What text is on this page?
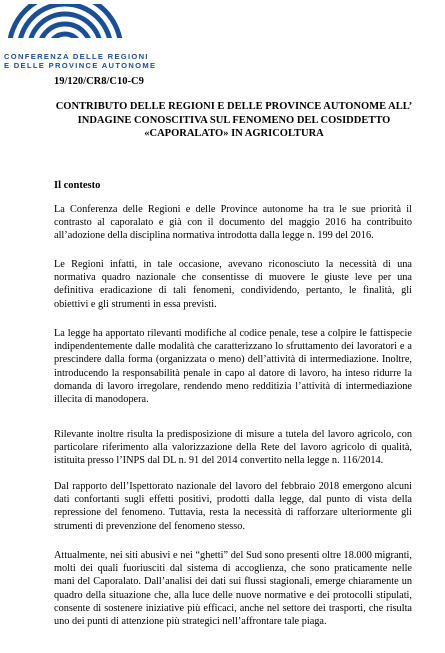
CONFERENZA DELLE REGIONI
E DELLE PROVINCE AUTONOME
19/120/CR8/C10-C9
CONTRIBUTO DELLE REGIONI E DELLE PROVINCE AUTONOME ALL’ INDAGINE CONOSCITIVA SUL FENOMENO DEL COSIDDETTO «CAPORALATO» IN AGRICOLTURA
Il contesto

La Conferenza delle Regioni e delle Province autonome ha tra le sue priorità il contrasto al caporalato e già con il documento del maggio 2016 ha contribuito all’adozione della disciplina normativa introdotta dalla legge n. 199 del 2016.

Le Regioni infatti, in tale occasione, avevano riconosciuto la necessità di una normativa quadro nazionale che consentisse di muovere le giuste leve per una definitiva eradicazione di tali fenomeni, condividendo, pertanto, le finalità, gli obiettivi e gli strumenti in essa previsti.

La legge ha apportato rilevanti modifiche al codice penale, tese a colpire le fattispecie indipendentemente dalle modalità che caratterizzano lo sfruttamento dei lavoratori e a prescindere dalla forma (organizzata o meno) dell’attività di intermediazione. Inoltre, introducendo la responsabilità penale in capo al datore di lavoro, ha inteso ridurre la domanda di lavoro irregolare, rendendo meno redditizia l’attività di intermediazione illecita di manodopera.

Rilevante inoltre risulta la predisposizione di misure a tutela del lavoro agricolo, con particolare riferimento alla valorizzazione della Rete del lavoro agricolo di qualità, istituita presso l’INPS dal DL n. 91 del 2014 convertito nella legge n. 116/2014.

Dal rapporto dell’Ispettorato nazionale del lavoro del febbraio 2018 emergono alcuni dati confortanti sugli effetti positivi, prodotti dalla legge, dal punto di vista della repressione del fenomeno. Tuttavia, resta la necessità di rafforzare ulteriormente gli strumenti di prevenzione del fenomeno stesso.

Attualmente, nei siti abusivi e nei “ghetti” del Sud sono presenti oltre 18.000 migranti, molti dei quali fuoriusciti dal sistema di accoglienza, che sono praticamente nelle mani del Caporalato. Dall’analisi dei dati sui flussi stagionali, emerge chiaramente un quadro della situazione che, alla luce delle nuove normative e dei protocolli stipulati, consente di sostenere iniziative più efficaci, anche nel settore dei trasporti, che risulta uno dei punti di attenzione più strategici nell’affrontare tale piaga.
